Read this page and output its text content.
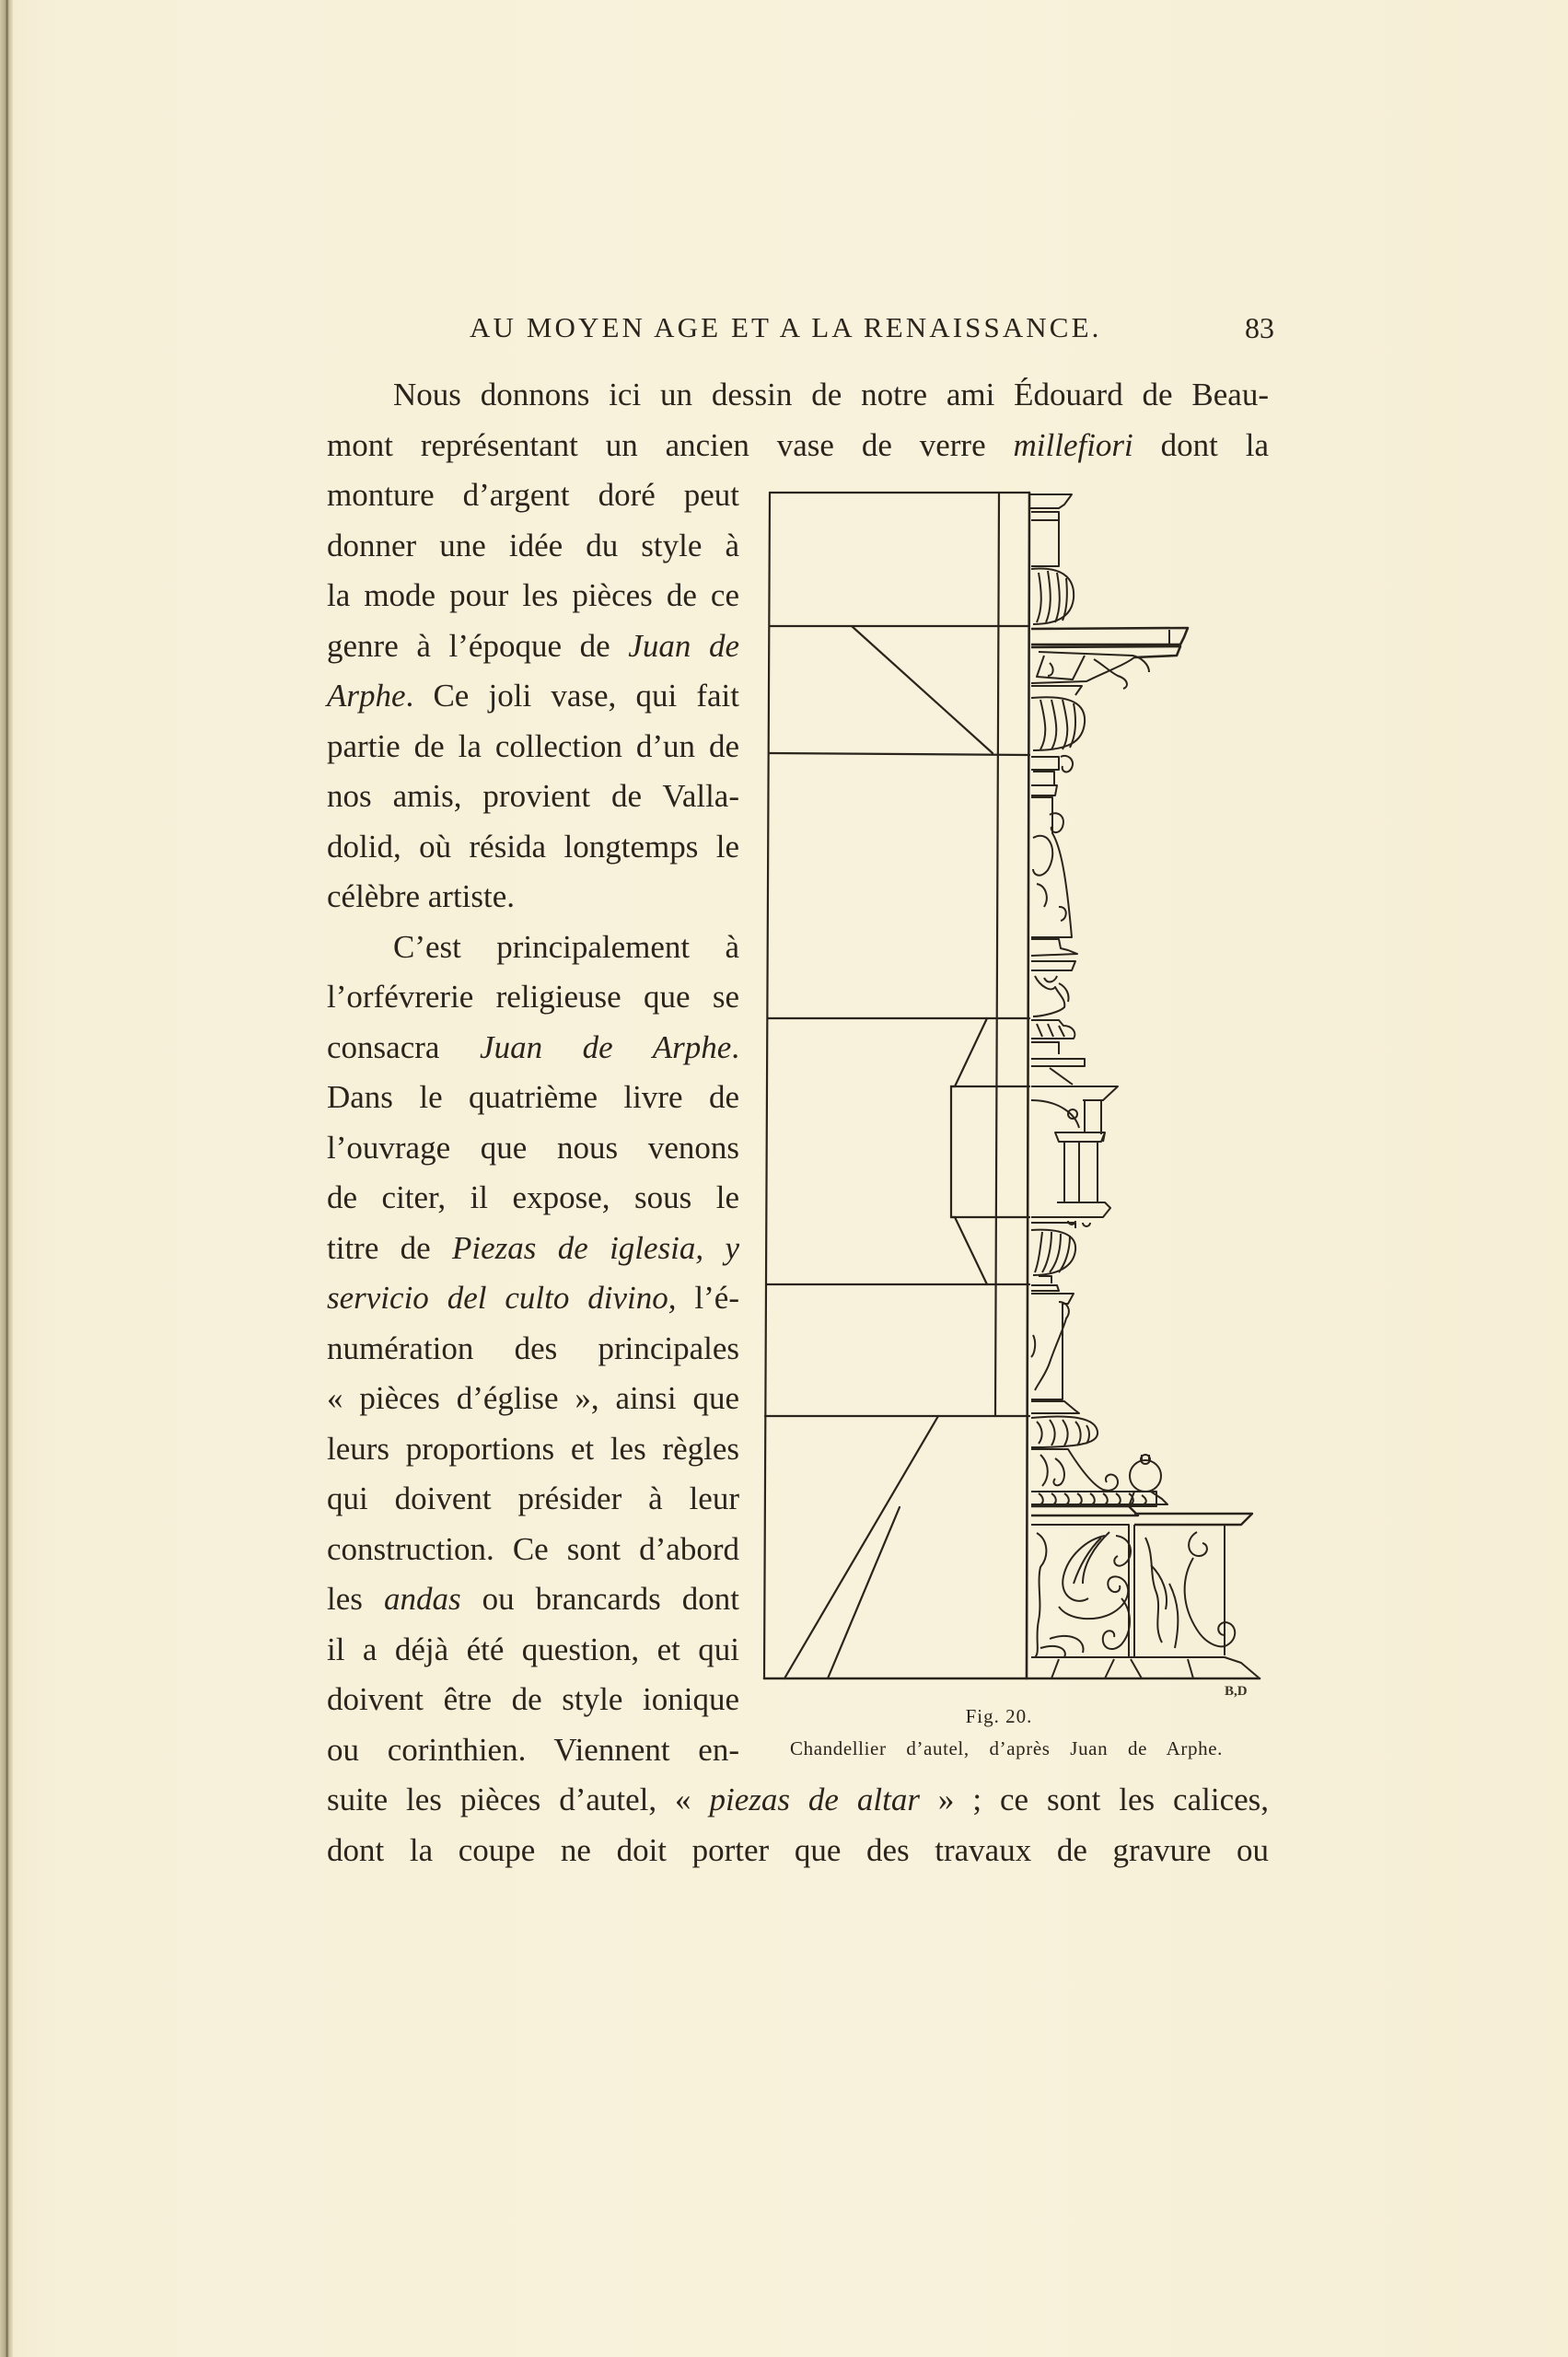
AU MOYEN AGE ET A LA RENAISSANCE.	83
Nous donnons ici un dessin de notre ami Édouard de Beau-
mont représentant un ancien vase de verre millefiori dont la
monture d’argent doré peut
donner une idée du style à
la mode pour les pièces de ce
genre à l’époque de Juan de
Arphe. Ce joli vase, qui fait
partie de la collection d’un de
nos amis, provient de Valla-
dolid, où résida longtemps le
célèbre artiste.
C’est principalement à
l’orfévrerie religieuse que se
consacra Juan de Arphe.
Dans le quatrième livre de
l’ouvrage que nous venons
de citer, il expose, sous le
titre de Piezas de iglesia, y
servicio del culto divino, l’é-
numération des principales
« pièces d’église », ainsi que
leurs proportions et les règles
qui doivent présider à leur
construction. Ce sont d’abord
les andas ou brancards dont
il a déjà été question, et qui
doivent être de style ionique
ou corinthien. Viennent en-
suite les pièces d’autel, « piezas de altar » ; ce sont les calices,
dont la coupe ne doit porter que des travaux de gravure ou
B,D
Fig. 20.
Chandellier d’autel, d’après Juan de Arphe.
